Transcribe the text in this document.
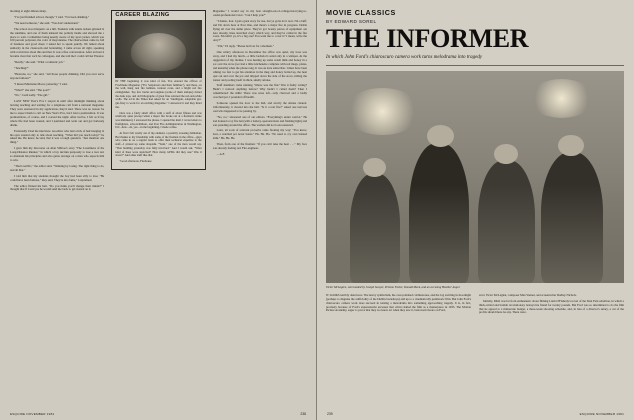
morning at eight-fifteen sharp.

"I've just finished school, though," I said. "I've been drinking."

"We need someone," she said. "You don't understand."

The school stood majestic on a hill. Students with tennis rackets grinned in the sunshine, and one of them ushered me politely inside and showed me a place to wait. I remember being keenly aware of my sport jacket, which was 100 percent polyester, the color of mayonnaise. The chairwoman came in, full of business and good cheer. I asked her to speak quietly. We talked about authority in the classroom and bartending. I came across all right, speaking with conviction about this and that. It was a fine conversation. After an hour it became clear that we'd be colleagues, and she told me I could call her Eleanor.

"Really," she said. "What a romantic job."

"Teaching?"

"Heavens, no," she said. "All those people drinking. Did you ever serve anyone famous?"

"I kissed Marianne Moore yesterday," I said.

"What?" she said. "The poet?"

"No," I said sadly. "The girl."

LAST NEW Year's Eve I stayed in until after midnight thinking about leaving teaching and waiting for a telephone call from a national magazine. They were answered in my application, they'd said. There was no reason for me to expect them to call on New Year's Eve, but I had a premonition. It was premonitions, of course, and I coaxed the night. After twelve, I felt as if my whole life had been wasted, and I panicked and went out and got barlessly drunk.

Eventually I had the interview. An editor who had a lick of hair hanging in his eyes wanted only to talk about teaching. "What did you teach today?" he asked me. He knew, he said, that it was a tough question. "Just mention one thing."

I gave him my discourse on Alan Sillitoe's story "The Loneliness of the Long-Distance Runner," in which a boy decides purposely to lose a race and so maintain his principles and also gains revenge on a man who expects him to win.

"That's terrific," the editor said. "Winning by losing. The right thing to do, and all that."

I told him that my students thought the boy had been silly to lose. "He could have been famous," they said. They're into fame," I explained.

The editor flicked his hair. "Do you think you'll change their minds?" I thought that if I said yes he would send me back to get started on it.

CAREER BLAZING

IN THE beginning it was kind of fun. You entered the offices of Fowlmane Magazine ("For Sexplorers and their families"), and there, on the wall, hung real fire helmets, turnout coats, and a bright red fire extinguisher. Top few trucks and engines (some of them antique) dotted the desk tops, and old lithographs of great fires adorned the red-and-white walls. The ad in the Times had asked for an "intelligent, adaptable gut-gut-firey to work for an exciting magazine." I answered it and they hired me.

Ours was a fairly small office with a staff of about fifteen and was relatively quiet (except when a major fire broke out at a firemen's strike was imminent). I answered the phone. I opened the mail. I wrote letters to firefighters, schoolchildren, and Post Fire Administration in Washington, D.C. And—oh, yes—in the beginning, I made coffee.

At first I felt totally out of my element, a possibly arousing dalmatian. But thanks to my friendship with some of the firemen in the office—guys who came in on a regular basis to offer their technical expertise to the staff—I picked up some shoptalk. "Yeah," one of the men would say. "That building yesterday was fully involved." And I would ask, "What kind of lines were stretched? How many GPMs did they use? Was it arson?" And other stuff like that.

"Good afternoon, Firehouse

Magazine," I would say in my best straight-out-of-college-but-trying-to-sound-professional voice. "Can I help you?"

"I dunno, hon. I gotta great story for use, but ya gotta do it now. I'm a buff, and I'm down here at Post One, and there's a major fire in progress. Delrin flying all over the damn place. They've got twenty pieces of equipment out here already, lines stretched every which way, and they've called in the fire boats. I'm tellin' ya, it's a big one! You want me to cover it? I mean, write the story?"

"Um," I'd reply. "Please hold on for a moment."

One wintry afternoon in December the office was quiet, my boss was away, and I had my lunch—a little bachelor's salad only in a whisper. At the suggestion of my mother, I was heating up some warm milk and honey in a pot over the stove (we had a little kitchenette complete with red mugs, plates, and utensils) when the phone rang. It was an irate subscriber. I must have been talking too fast to get his attention in the mug and honey boiled up, the heat spat out and over the pot and dripped down the side of the stove, hitting the burner and pooling itself in thick, smelly smoke.

Staff members came running. Where was the fire? Was it faulty wiring? Hadn't I noticed anything before? Why hadn't I called them? Then I remembered: the milk! There was none left—only charcoal and a badly scorched pot. I pounded off health.

Someone opened the door to the hall, and slowly the smoke cleared. Unfortunately, it cleared into the hall. "Is it a real fire?" asked one nervous soul who happened to be passing by.

"No, no," answered one of our editors. "Everything's under control." He had donned a toy fire hat (with a battery-operated siren and flashing light) and was parading around the office. The woman did not look reassured.

Later, all sorts of relevant proverbs came floating my way: "You know, dear, a watched pot never burns." Ha. Ha. Ha. "No need to cry over burned milk." Ha. Ha. Ha.

Then, from one of the firemen: "If you can't take the heat . . ." My face was already feeling red. Fire-engineer.

—A.F.

ESQUIRE NOVEMBER 1981	238
MOVIE CLASSICS
BY EDWARD SOREL
THE INFORMER
In which John Ford's chiaroscuro camera work turns melodrama into tragedy
Victor McLaglen, surrounded by Joseph Sawyer, Preston Foster, Donald Meek, and an accusing Heather Angel.

IT LOOKS terribly dated now. The heavy symbolism, the over-polished cobblestones, and the fog swirling in moonlight (perhaps to disguise the artificiality of the Dublin backdrops) add up to a cinematically prehistoric film. But John Ford's chiaroscuro camera work does succeed in turning a melodrama into something approaching tragedy. It is, in fact, precisely because of Ford's expressionist excesses that critics hailed the film as a masterpiece in 1935. The Motion Picture Academy, eager to prove that they too knew art when they saw it, bestowed Oscars on Ford,

actor Victor McLaglen, composer Max Steiner, and screenwriter Dudley Nichols.

Initially, RKO was far from enthusiastic about filming Liam O'Flaherty's novel of the Sinn Fein rebellion, in which a thick-witted and brutish revolutionary betrays his friend for twenty pounds. But Ford was so determined to do the film that he agreed to a minuscule budget, a three-week shooting schedule, and, in lieu of a director's salary, a cut of the profits should there be any. There were.

239	ESQUIRE NOVEMBER 1981
